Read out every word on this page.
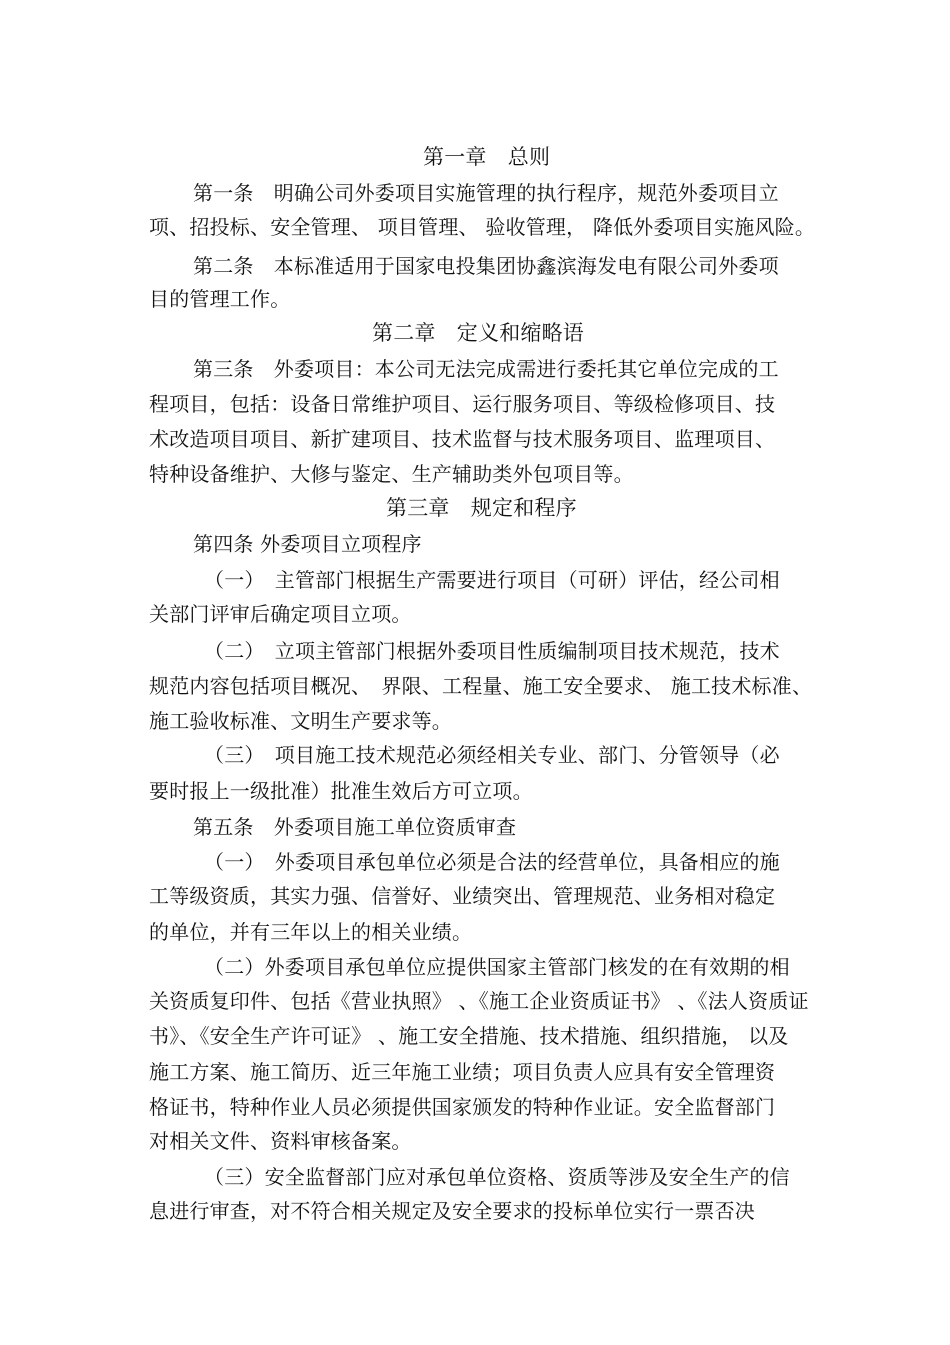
第一章　总则
第一条　明确公司外委项目实施管理的执行程序，规范外委项目立
项、招投标、安全管理、 项目管理、 验收管理， 降低外委项目实施风险。
第二条　本标准适用于国家电投集团协鑫滨海发电有限公司外委项
目的管理工作。
第二章　定义和缩略语
第三条　外委项目：本公司无法完成需进行委托其它单位完成的工
程项目，包括：设备日常维护项目、运行服务项目、等级检修项目、技
术改造项目项目、新扩建项目、技术监督与技术服务项目、监理项目、
特种设备维护、大修与鉴定、生产辅助类外包项目等。
第三章　规定和程序
第四条 外委项目立项程序
（一）　主管部门根据生产需要进行项目（可研）评估，经公司相
关部门评审后确定项目立项。
（二）　立项主管部门根据外委项目性质编制项目技术规范，技术
规范内容包括项目概况、　界限、工程量、施工安全要求、 施工技术标准、
施工验收标准、文明生产要求等。
（三）　项目施工技术规范必须经相关专业、部门、分管领导（必
要时报上一级批准）批准生效后方可立项。
第五条　外委项目施工单位资质审查
（一）　外委项目承包单位必须是合法的经营单位，具备相应的施
工等级资质，其实力强、信誉好、业绩突出、管理规范、业务相对稳定
的单位，并有三年以上的相关业绩。
（二）外委项目承包单位应提供国家主管部门核发的在有效期的相
关资质复印件、包括《营业执照》 、《施工企业资质证书》 、《法人资质证
书》、《安全生产许可证》 、施工安全措施、技术措施、组织措施， 以及
施工方案、施工简历、近三年施工业绩；项目负责人应具有安全管理资
格证书，特种作业人员必须提供国家颁发的特种作业证。安全监督部门
对相关文件、资料审核备案。
（三）安全监督部门应对承包单位资格、资质等涉及安全生产的信
息进行审查，对不符合相关规定及安全要求的投标单位实行一票否决
